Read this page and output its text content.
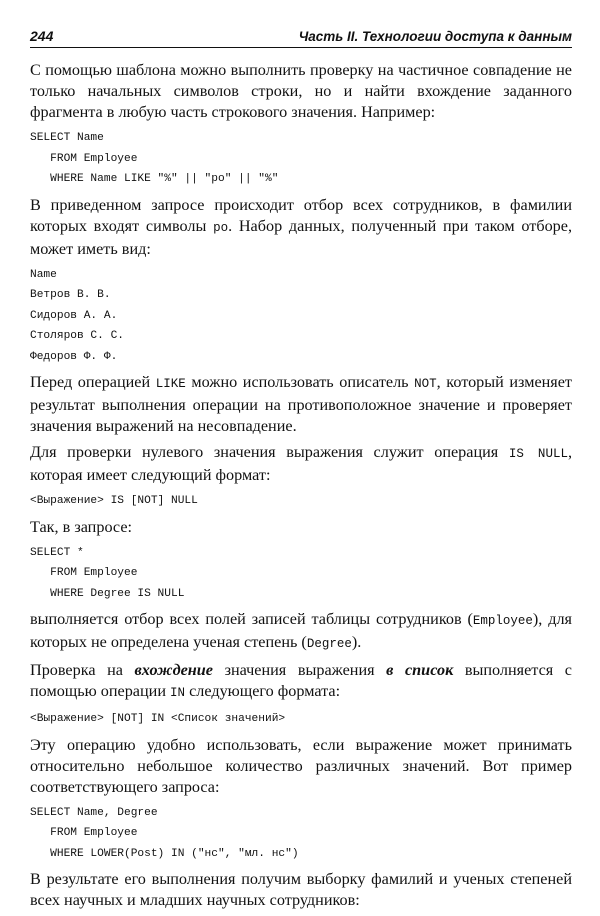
244	Часть II. Технологии доступа к данным

С помощью шаблона можно выполнить проверку на частичное совпадение не только начальных символов строки, но и найти вхождение заданного фрагмента в любую часть строкового значения. Например:

SELECT Name
FROM Employee
WHERE Name LIKE "%" || "po" || "%"

В приведенном запросе происходит отбор всех сотрудников, в фамилии которых входят символы po. Набор данных, полученный при таком отборе, может иметь вид:

Name
Ветров В. В.
Сидоров А. А.
Столяров С. С.
Федоров Ф. Ф.

Перед операцией LIKE можно использовать описатель NOT, который изменяет результат выполнения операции на противоположное значение и проверяет значения выражений на несовпадение.

Для проверки нулевого значения выражения служит операция IS NULL, которая имеет следующий формат:

<Выражение> IS [NOT] NULL

Так, в запросе:

SELECT *
FROM Employee
WHERE Degree IS NULL

выполняется отбор всех полей записей таблицы сотрудников (Employee), для которых не определена ученая степень (Degree).

Проверка на вхождение значения выражения в список выполняется с помощью операции IN следующего формата:

<Выражение> [NOT] IN <Список значений>

Эту операцию удобно использовать, если выражение может принимать относительно небольшое количество различных значений. Вот пример соответствующего запроса:

SELECT Name, Degree
FROM Employee
WHERE LOWER(Post) IN ("нс", "мл. нс")

В результате его выполнения получим выборку фамилий и ученых степеней всех научных и младших научных сотрудников:
